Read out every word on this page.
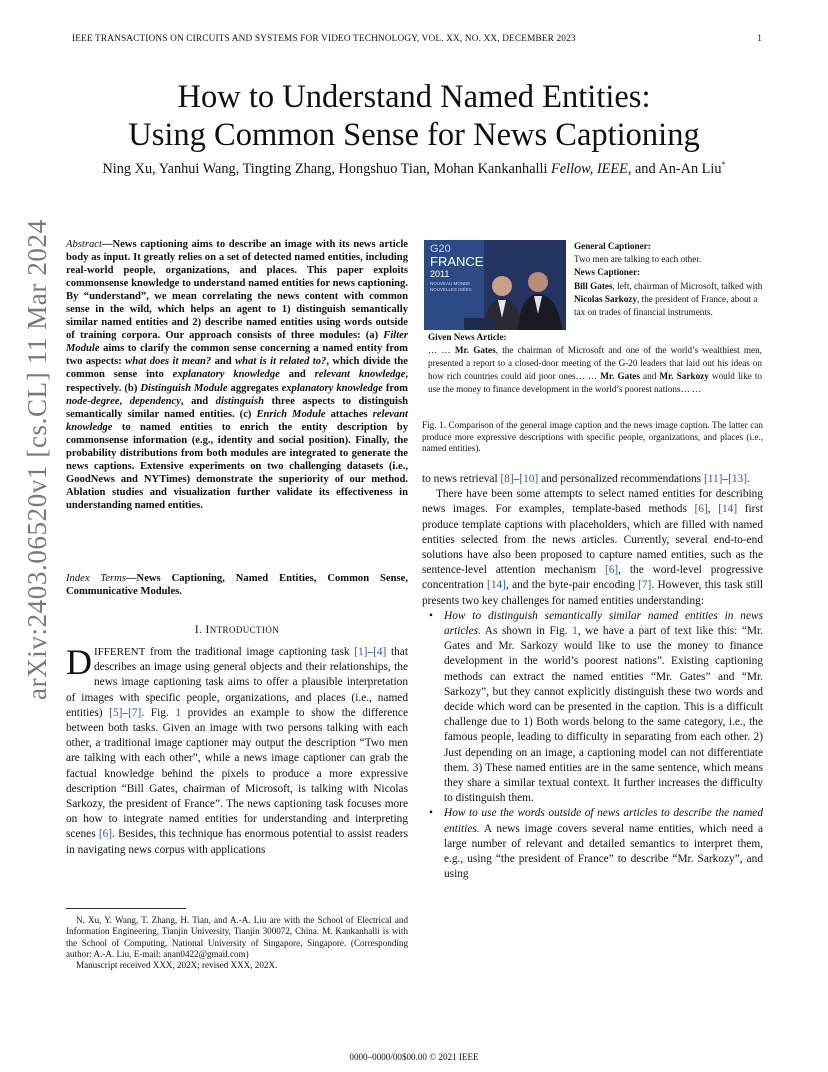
IEEE TRANSACTIONS ON CIRCUITS AND SYSTEMS FOR VIDEO TECHNOLOGY, VOL. XX, NO. XX, DECEMBER 2023	1
How to Understand Named Entities:
Using Common Sense for News Captioning
Ning Xu, Yanhui Wang, Tingting Zhang, Hongshuo Tian, Mohan Kankanhalli Fellow, IEEE, and An-An Liu*
arXiv:2403.06520v1 [cs.CL] 11 Mar 2024 Abstract—News captioning aims to describe an image with its news article body as input. It greatly relies on a set of detected named entities, including real-world people, organizations, and places. This paper exploits commonsense knowledge to understand named entities for news captioning. By “understand”, we mean correlating the news content with common sense in the wild, which helps an agent to 1) distinguish semantically similar named entities and 2) describe named entities using words outside of training corpora. Our approach consists of three modules: (a) Filter Module aims to clarify the common sense concerning a named entity from two aspects: what does it mean? and what is it related to?, which divide the common sense into explanatory knowledge and relevant knowledge, respectively. (b) Distinguish Module aggregates explanatory knowledge from node-degree, dependency, and distinguish three aspects to distinguish semantically similar named entities. (c) Enrich Module attaches relevant knowledge to named entities to enrich the entity description by commonsense information (e.g., identity and social position). Finally, the probability distributions from both modules are integrated to generate the news captions. Extensive experiments on two challenging datasets (i.e., GoodNews and NYTimes) demonstrate the superiority of our method. Ablation studies and visualization further validate its effectiveness in understanding named entities.
Index Terms—News Captioning, Named Entities, Common Sense, Communicative Modules.
I. INTRODUCTION
DIFFERENT from the traditional image captioning task [1]–[4] that describes an image using general objects and their relationships, the news image captioning task aims to offer a plausible interpretation of images with specific people, organizations, and places (i.e., named entities) [5]–[7]. Fig. 1 provides an example to show the difference between both tasks. Given an image with two persons talking with each other, a traditional image captioner may output the description “Two men are talking with each other”, while a news image captioner can grab the factual knowledge behind the pixels to produce a more expressive description “Bill Gates, chairman of Microsoft, is talking with Nicolas Sarkozy, the president of France”. The news captioning task focuses more on how to integrate named entities for understanding and interpreting scenes [6]. Besides, this technique has enormous potential to assist readers in navigating news corpus with applications

N. Xu, Y. Wang, T. Zhang, H. Tian, and A.-A. Liu are with the School of Electrical and Information Engineering, Tianjin University, Tianjin 300072, China. M. Kankanhalli is with the School of Computing, National University of Singapore, Singapore. (Corresponding author: A.-A. Liu, E-mail: anan0422@gmail.com)

Manuscript received XXX, 202X; revised XXX, 202X.

G20
FRANCE
2011
NOUVEAU MONDE
NOUVELLES IDÉES
General Captioner:
Two men are talking to each other.
News Captioner:
Bill Gates, left, chairman of Microsoft, talked with Nicolas Sarkozy, the president of France, about a tax on trades of financial instruments.
Given News Article:
… … Mr. Gates, the chairman of Microsoft and one of the world’s wealthiest men, presented a report to a closed-door meeting of the G-20 leaders that laid out his ideas on how rich countries could aid poor ones… … Mr. Gates and Mr. Sarkozy would like to use the money to finance development in the world’s poorest nations… …
Fig. 1. Comparison of the general image caption and the news image caption. The latter can produce more expressive descriptions with specific people, organizations, and places (i.e., named entities).

to news retrieval [8]–[10] and personalized recommendations [11]–[13].

There have been some attempts to select named entities for describing news images. For examples, template-based methods [6], [14] first produce template captions with placeholders, which are filled with named entities selected from the news articles. Currently, several end-to-end solutions have also been proposed to capture named entities, such as the sentence-level attention mechanism [6], the word-level progressive concentration [14], and the byte-pair encoding [7]. However, this task still presents two key challenges for named entities understanding:

• How to distinguish semantically similar named entities in news articles. As shown in Fig. 1, we have a part of text like this: “Mr. Gates and Mr. Sarkozy would like to use the money to finance development in the world’s poorest nations”. Existing captioning methods can extract the named entities “Mr. Gates” and “Mr. Sarkozy”, but they cannot explicitly distinguish these two words and decide which word can be presented in the caption. This is a difficult challenge due to 1) Both words belong to the same category, i.e., the famous people, leading to difficulty in separating from each other. 2) Just depending on an image, a captioning model can not differentiate them. 3) These named entities are in the same sentence, which means they share a similar textual context. It further increases the difficulty to distinguish them.
• How to use the words outside of news articles to describe the named entities. A news image covers several name entities, which need a large number of relevant and detailed semantics to interpret them, e.g., using “the president of France” to describe “Mr. Sarkozy”, and using
0000–0000/00$00.00 © 2021 IEEE
